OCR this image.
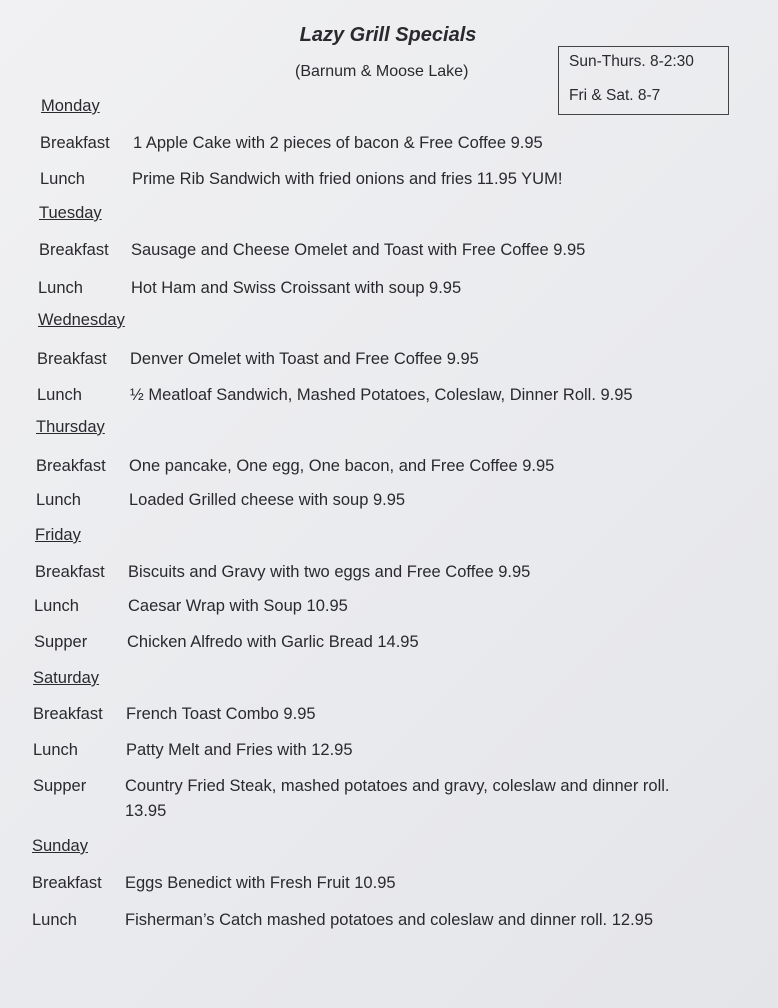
Lazy Grill Specials
(Barnum & Moose Lake)
Sun-Thurs. 8-2:30
Fri & Sat. 8-7
Monday
Breakfast 1 Apple Cake with 2 pieces of bacon & Free Coffee 9.95
Lunch	Prime Rib Sandwich with fried onions and fries 11.95 YUM!
Tuesday
Breakfast Sausage and Cheese Omelet and Toast with Free Coffee 9.95
Lunch	Hot Ham and Swiss Croissant with soup 9.95
Wednesday
Breakfast Denver Omelet with Toast and Free Coffee 9.95
Lunch	½ Meatloaf Sandwich, Mashed Potatoes, Coleslaw, Dinner Roll. 9.95
Thursday
Breakfast One pancake, One egg, One bacon, and Free Coffee 9.95
Lunch	Loaded Grilled cheese with soup 9.95
Friday
Breakfast Biscuits and Gravy with two eggs and Free Coffee 9.95
Lunch	Caesar Wrap with Soup 10.95
Supper Chicken Alfredo with Garlic Bread 14.95
Saturday
Breakfast French Toast Combo 9.95
Lunch	Patty Melt and Fries with 12.95
Supper Country Fried Steak, mashed potatoes and gravy, coleslaw and dinner roll.
13.95
Sunday
Breakfast Eggs Benedict with Fresh Fruit 10.95
Lunch	Fisherman’s Catch mashed potatoes and coleslaw and dinner roll. 12.95
